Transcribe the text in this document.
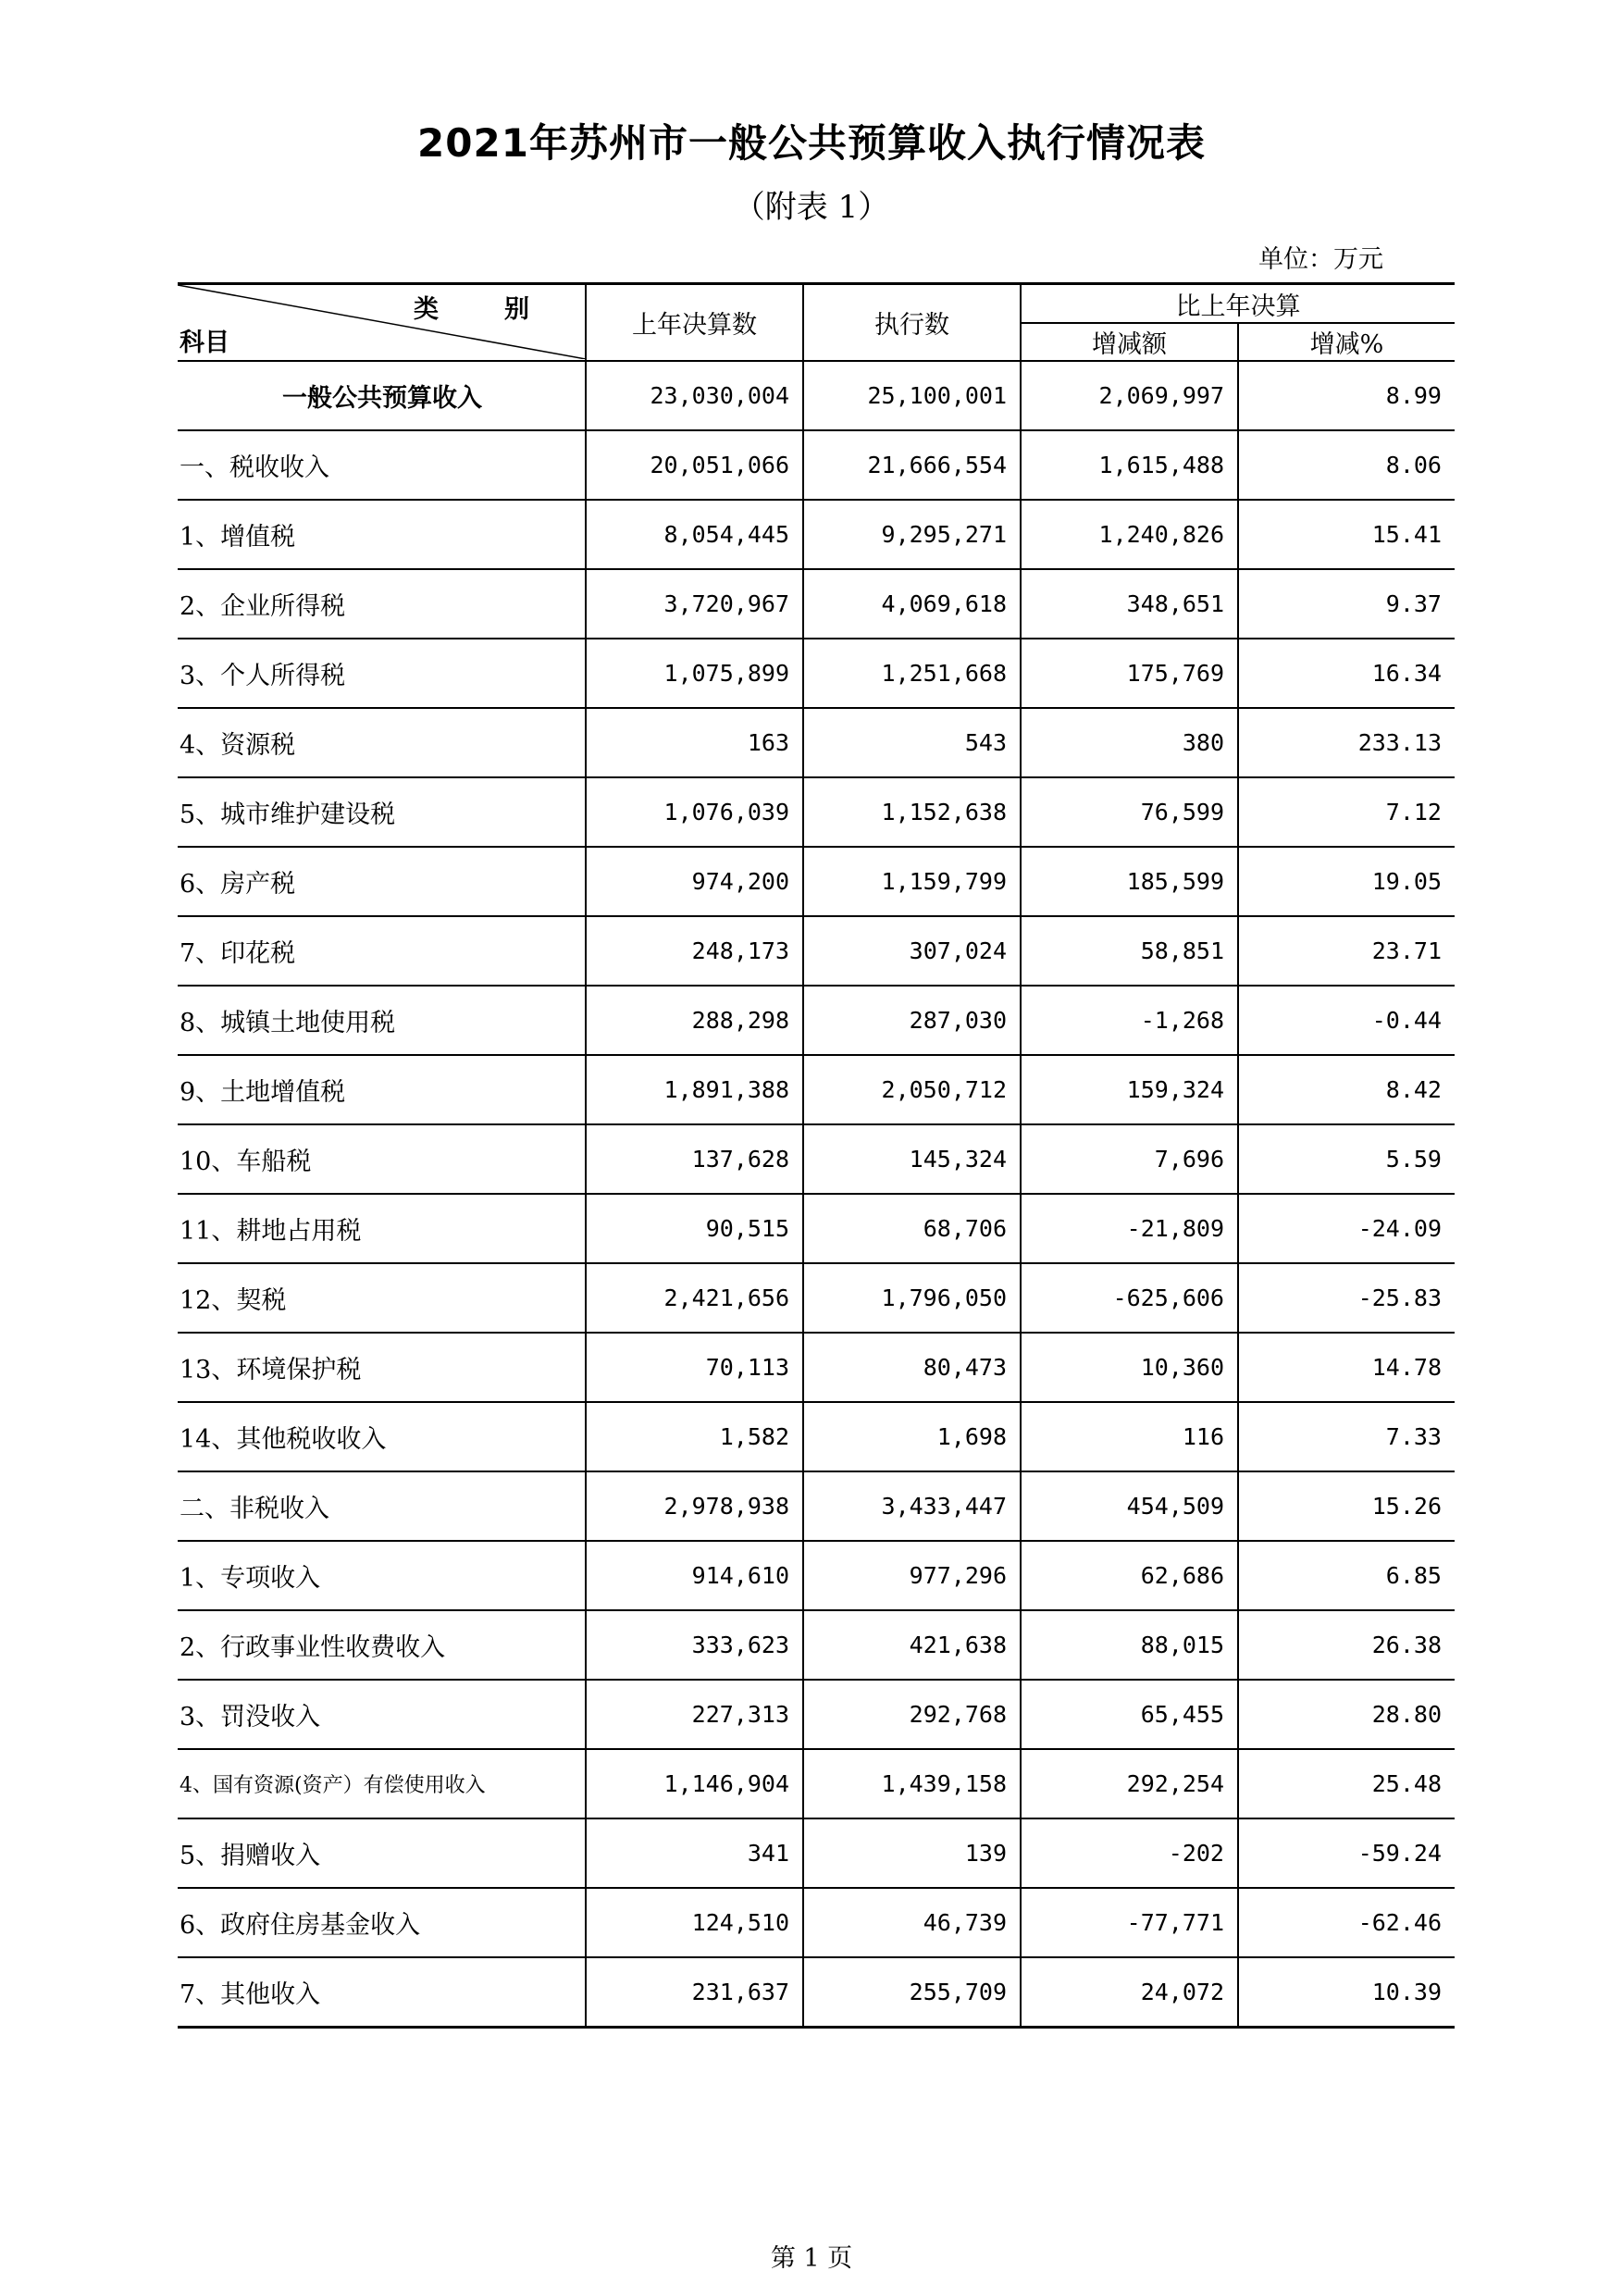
2021年苏州市一般公共预算收入执行情况表
（附表 1）
单位：万元
类　别
科目	上年决算数	执行数	比上年决算	
			增减额	增减%
一般公共预算收入	23,030,004	25,100,001	2,069,997	8.99
一、税收收入	20,051,066	21,666,554	1,615,488	8.06
1、增值税	8,054,445	9,295,271	1,240,826	15.41
2、企业所得税	3,720,967	4,069,618	348,651	9.37
3、个人所得税	1,075,899	1,251,668	175,769	16.34
4、资源税	163	543	380	233.13
5、城市维护建设税	1,076,039	1,152,638	76,599	7.12
6、房产税	974,200	1,159,799	185,599	19.05
7、印花税	248,173	307,024	58,851	23.71
8、城镇土地使用税	288,298	287,030	-1,268	-0.44
9、土地增值税	1,891,388	2,050,712	159,324	8.42
10、车船税	137,628	145,324	7,696	5.59
11、耕地占用税	90,515	68,706	-21,809	-24.09
12、契税	2,421,656	1,796,050	-625,606	-25.83
13、环境保护税	70,113	80,473	10,360	14.78
14、其他税收收入	1,582	1,698	116	7.33
二、非税收入	2,978,938	3,433,447	454,509	15.26
1、专项收入	914,610	977,296	62,686	6.85
2、行政事业性收费收入	333,623	421,638	88,015	26.38
3、罚没收入	227,313	292,768	65,455	28.80
4、国有资源(资产）有偿使用收入	1,146,904	1,439,158	292,254	25.48
5、捐赠收入	341	139	-202	-59.24
6、政府住房基金收入	124,510	46,739	-77,771	-62.46
7、其他收入	231,637	255,709	24,072	10.39
第 1 页
